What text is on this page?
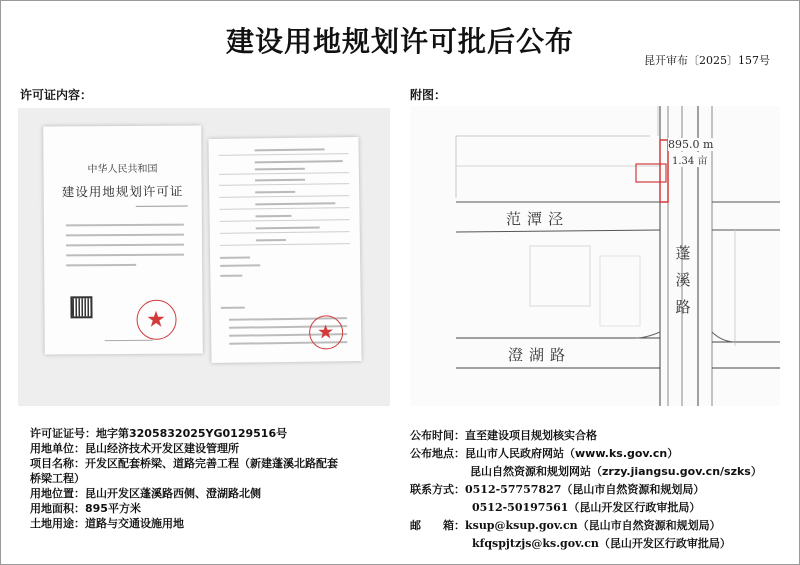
建设用地规划许可批后公布
昆开审布〔2025〕157号
许可证内容：	附图：
中华人民共和国
建设用地规划许可证
895.0 m
1.34 亩
范潭泾
蓬溪路
澄湖路
许可证证号：地字第3205832025YG0129516号
用地单位：昆山经济技术开发区建设管理所
项目名称：开发区配套桥梁、道路完善工程（新建蓬溪北路配套
桥梁工程）
用地位置：昆山开发区蓬溪路西侧、澄湖路北侧
用地面积：895平方米
土地用途：道路与交通设施用地
公布时间：直至建设项目规划核实合格
公布地点：昆山市人民政府网站（www.ks.gov.cn）
昆山自然资源和规划网站（zrzy.jiangsu.gov.cn/szks）
联系方式：0512-57757827（昆山市自然资源和规划局）
0512-50197561（昆山开发区行政审批局）
邮　　箱：ksup@ksup.gov.cn（昆山市自然资源和规划局）
kfqspjtzjs@ks.gov.cn（昆山开发区行政审批局）
